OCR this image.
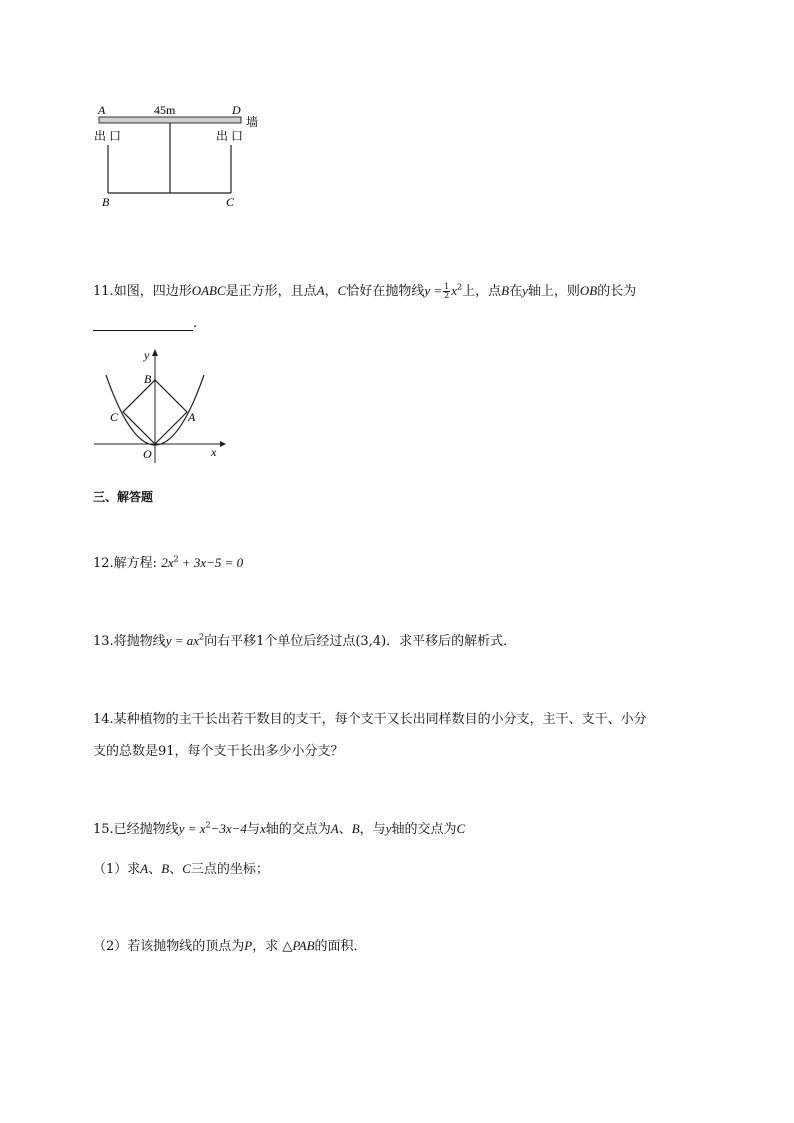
A	45m	D
墙
出 口	出 口
B	C
11.如图，四边形OABC是正方形，且点A，C恰好在抛物线$y = \frac{1}{2} x^2$上，点B在y轴上，则OB的长为
.
y
B
C	A
O	x
三、解答题
12.解方程: $2x^2 + 3x-5 = 0$
13.将抛物线$y = ax^2$向右平移1个单位后经过点(3,4)．求平移后的解析式．
14.某种植物的主干长出若干数目的支干，每个支干又长出同样数目的小分支，主干、支干、小分
支的总数是91，每个支干长出多少小分支？
15.已经抛物线$y = x^2-3x-4$与x轴的交点为A、B，与y轴的交点为C
（1）求A、B、C三点的坐标；
（2）若该抛物线的顶点为P，求 △PAB的面积．
